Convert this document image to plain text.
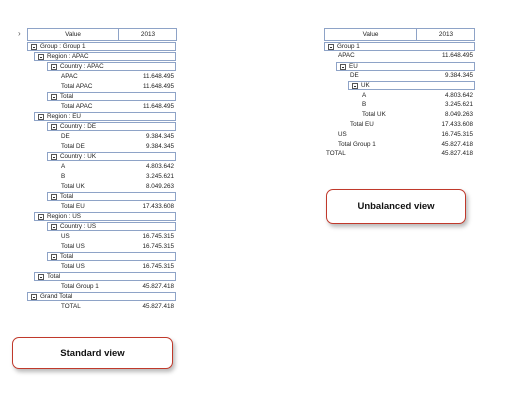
›	Value	2013
Group : Group 1
Region : APAC
Country : APAC
APAC	11.648.495
Total APAC	11.648.495
Total
Total APAC	11.648.495
Region : EU
Country : DE
DE	9.384.345
Total DE	9.384.345
Country : UK
A	4.803.642
B	3.245.621
Total UK	8.049.263
Total
Total EU	17.433.608
Region : US
Country : US
US	16.745.315
Total US	16.745.315
Total
Total US	16.745.315
Total
Total Group 1	45.827.418
Grand Total
TOTAL	45.827.418
Standard view
Value	2013
Group 1
APAC	11.648.495
EU
DE	9.384.345
UK
A	4.803.642
B	3.245.621
Total UK	8.049.263
Total EU	17.433.608
US	16.745.315
Total Group 1	45.827.418
TOTAL	45.827.418
Unbalanced view
